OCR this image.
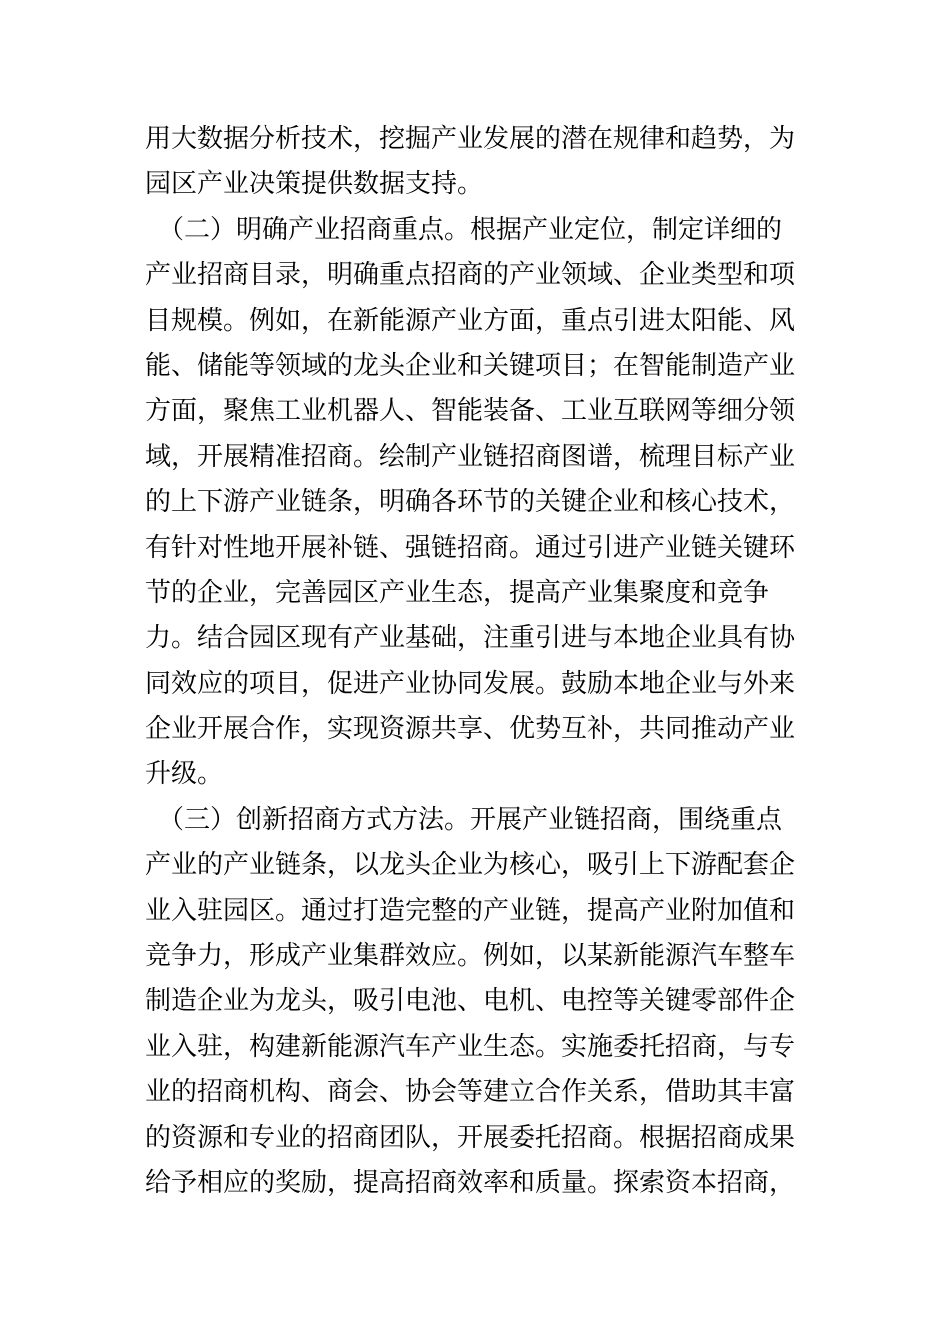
用大数据分析技术，挖掘产业发展的潜在规律和趋势，为
园区产业决策提供数据支持。
　（二）明确产业招商重点。根据产业定位，制定详细的
产业招商目录，明确重点招商的产业领域、企业类型和项
目规模。例如，在新能源产业方面，重点引进太阳能、风
能、储能等领域的龙头企业和关键项目；在智能制造产业
方面，聚焦工业机器人、智能装备、工业互联网等细分领
域，开展精准招商。绘制产业链招商图谱，梳理目标产业
的上下游产业链条，明确各环节的关键企业和核心技术，
有针对性地开展补链、强链招商。通过引进产业链关键环
节的企业，完善园区产业生态，提高产业集聚度和竞争
力。结合园区现有产业基础，注重引进与本地企业具有协
同效应的项目，促进产业协同发展。鼓励本地企业与外来
企业开展合作，实现资源共享、优势互补，共同推动产业
升级。
　（三）创新招商方式方法。开展产业链招商，围绕重点
产业的产业链条，以龙头企业为核心，吸引上下游配套企
业入驻园区。通过打造完整的产业链，提高产业附加值和
竞争力，形成产业集群效应。例如，以某新能源汽车整车
制造企业为龙头，吸引电池、电机、电控等关键零部件企
业入驻，构建新能源汽车产业生态。实施委托招商，与专
业的招商机构、商会、协会等建立合作关系，借助其丰富
的资源和专业的招商团队，开展委托招商。根据招商成果
给予相应的奖励，提高招商效率和质量。探索资本招商，
